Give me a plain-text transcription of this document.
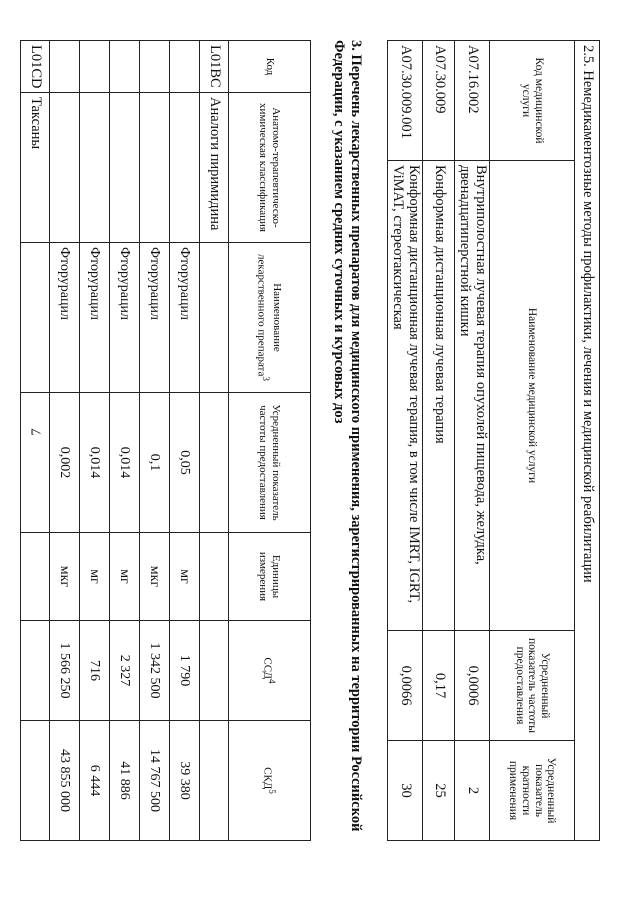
7	2.5. Немедикаментозные методы профилактики, лечения и медицинской реабилитации			
Код медицинской услуги	Наименование медицинской услуги	Усредненный показатель частоты предоставления	Усредненный показатель кратности применения
A07.16.002	Внутриполостная лучевая терапия опухолей пищевода, желудка, двенадцатиперстной кишки	0,0006	2
A07.30.009	Конформная дистанционная лучевая терапия	0,17	25
A07.30.009.001	Конформная дистанционная лучевая терапия, в том числе IMRT, IGRT, ViMAT, стереотаксическая	0,0066	30
3. Перечень лекарственных препаратов для медицинского применения, зарегистрированных на территории Российской Федерации, с указанием средних суточных и курсовых доз
Код	Анатомо-терапевтическо-химическая классификация	Наименование лекарственного препарата$^3$	Усредненный показатель частоты предоставления	Единицы измерения	ССД$^4$	СКД$^5$
L01BC	Аналоги пиримидина					
		Фторурацил	0,05	мг	1 790	39 380
		Фторурацил	0,1	мкг	1 342 500	14 767 500
		Фторурацил	0,014	мг	2 327	41 886
		Фторурацил	0,014	мг	716	6 444
		Фторурацил	0,002	мкг	1 566 250	43 855 000
L01CD	Таксаны					
